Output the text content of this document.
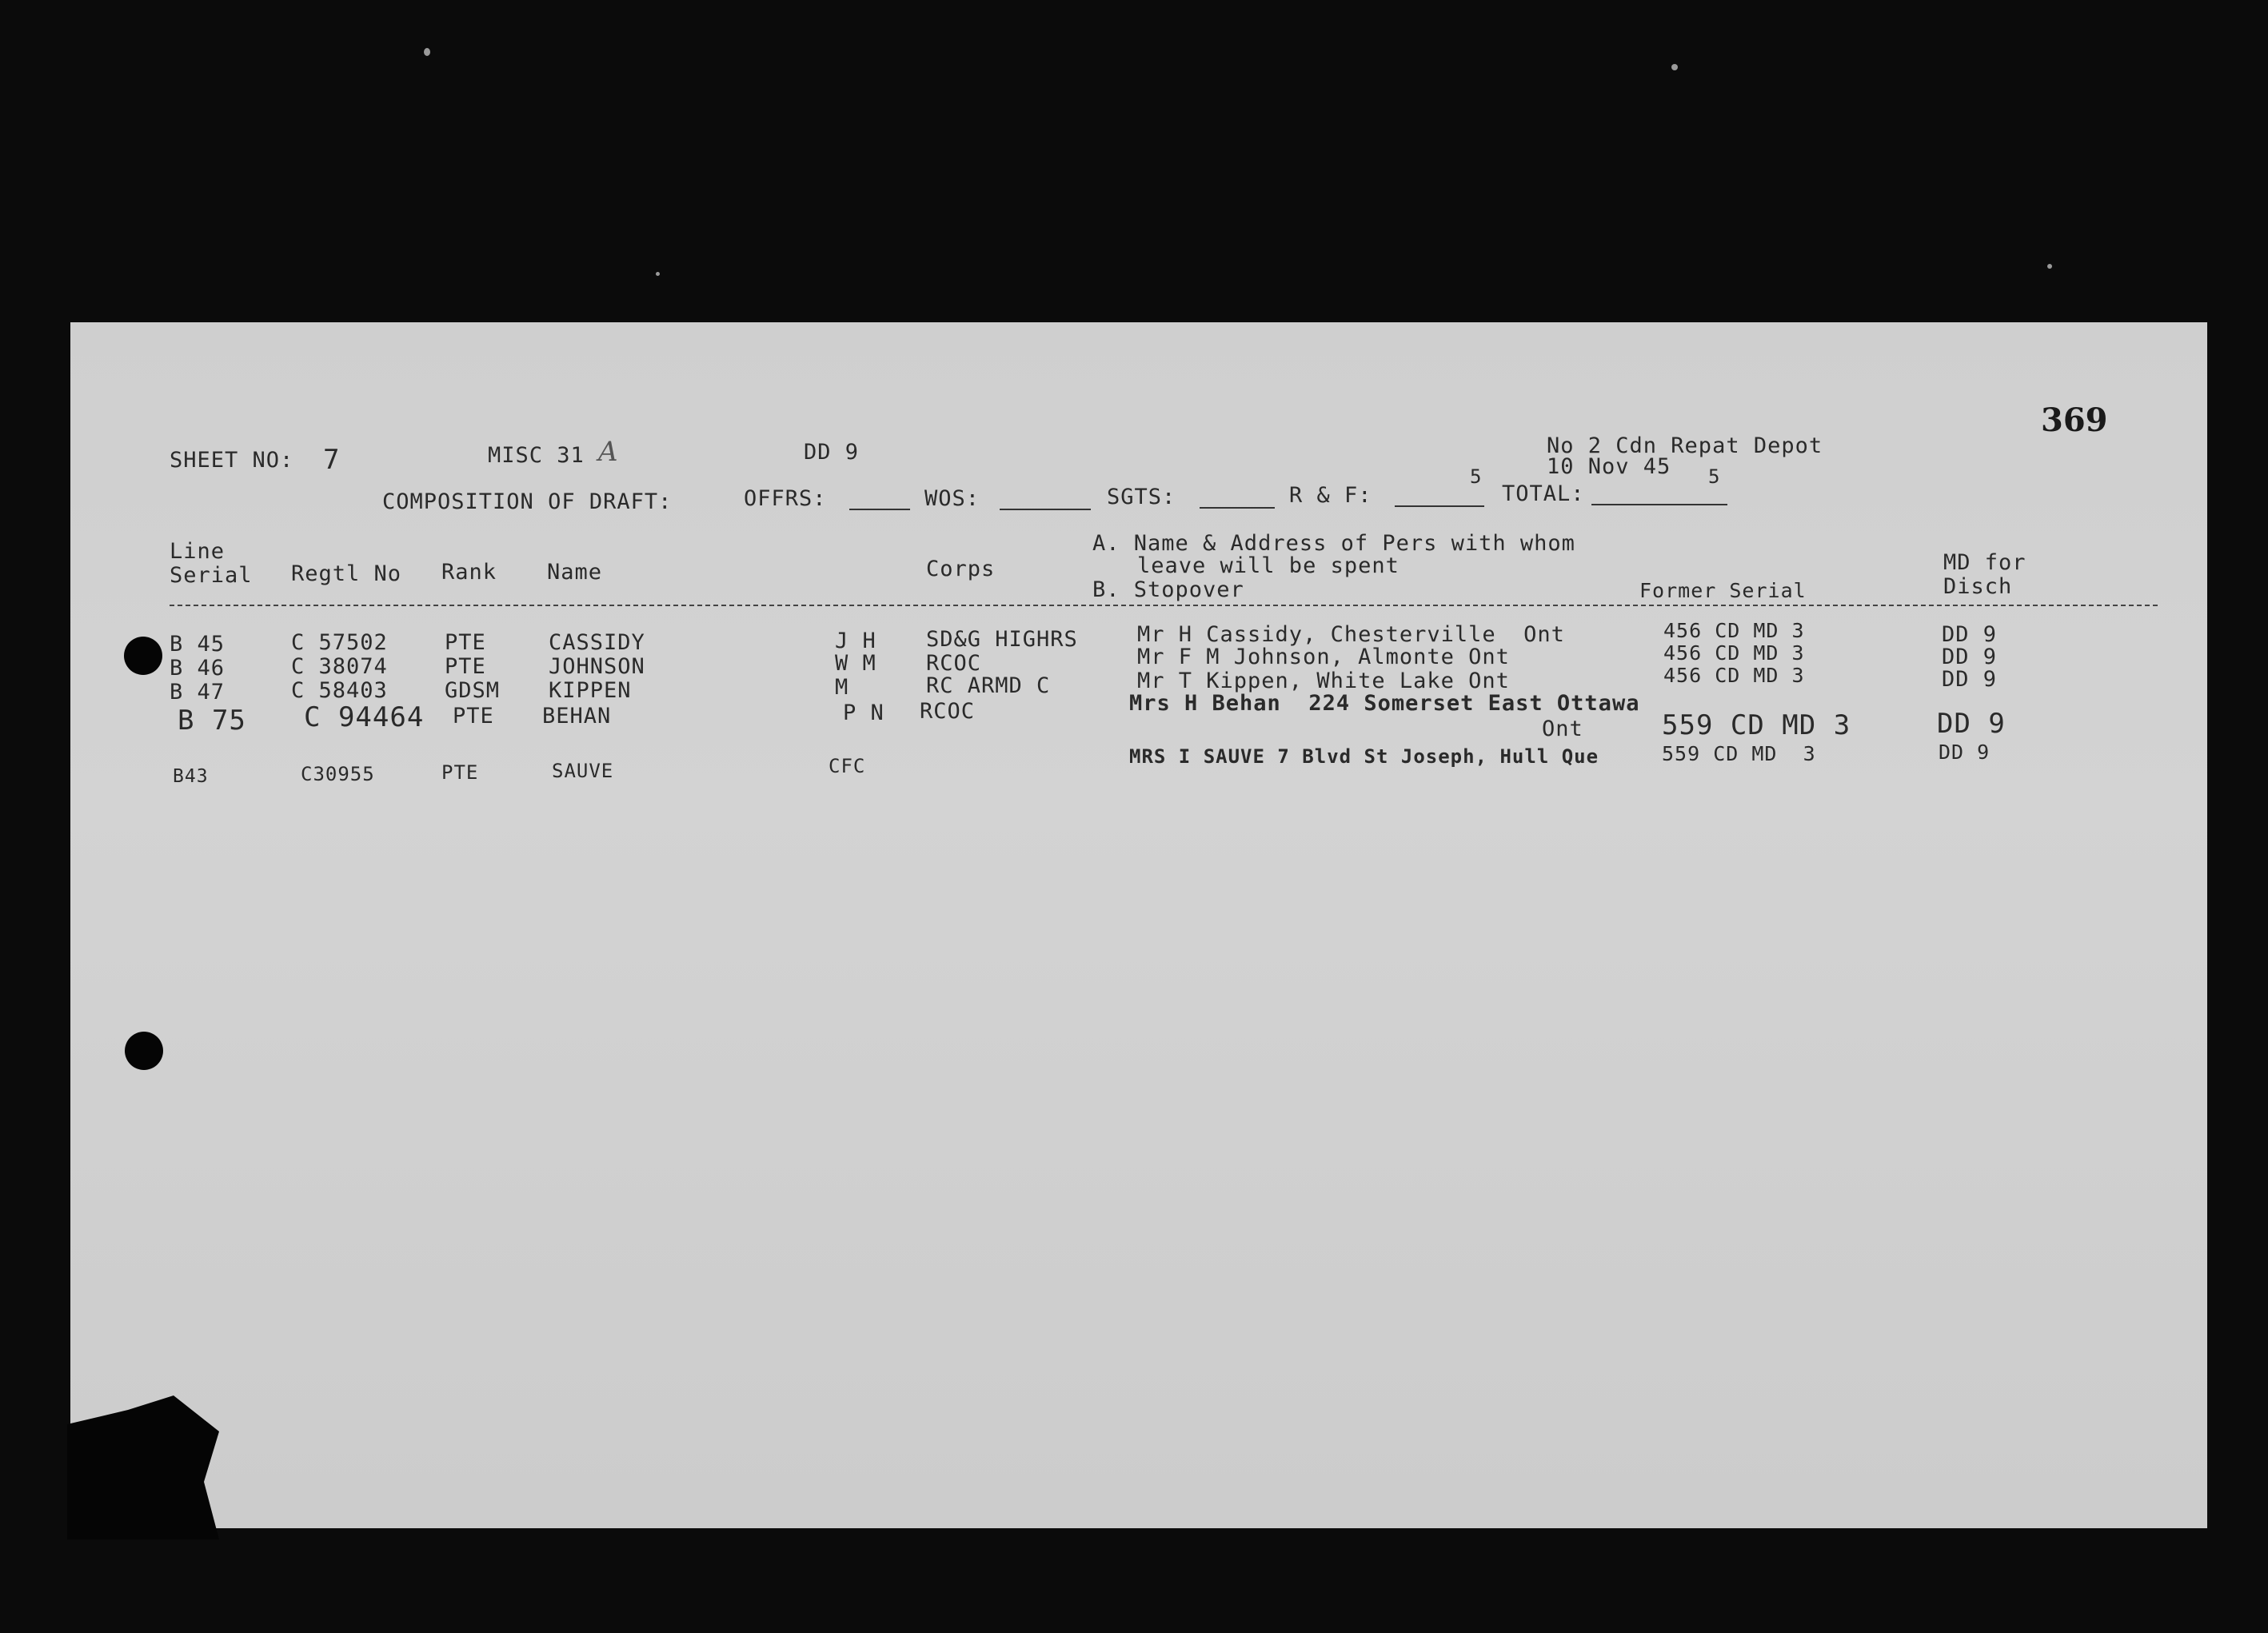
369
SHEET NO: 7	MISC 31 A	DD 9	No 2 Cdn Repat Depot
10 Nov 45
COMPOSITION OF DRAFT:	OFFRS:	WOS:	SGTS:	R & F:
5
TOTAL:
5
Line
Serial Regtl No Rank Name	Corps
A. Name & Address of Pers with whom
leave will be spent
B. Stopover	Former Serial
MD for
Disch
B 45	C 57502	PTE	CASSIDY	J H SD&G HIGHRS	Mr H Cassidy, Chesterville  Ont	456 CD MD 3	DD 9
B 46	C 38074	PTE	JOHNSON	W M RCOC	Mr F M Johnson, Almonte Ont	456 CD MD 3	DD 9
B 47	C 58403	GDSM KIPPEN	M	RC ARMD C	Mr T Kippen, White Lake Ont	456 CD MD 3	DD 9
B 75 C 94464 PTE BEHAN	P N RCOC	Mrs H Behan  224 Somerset East Ottawa
Ont	559 CD MD 3	DD 9
B43	C30955	PTE	SAUVE	CFC	MRS I SAUVE 7 Blvd St Joseph, Hull Que	559 CD MD  3	DD 9
